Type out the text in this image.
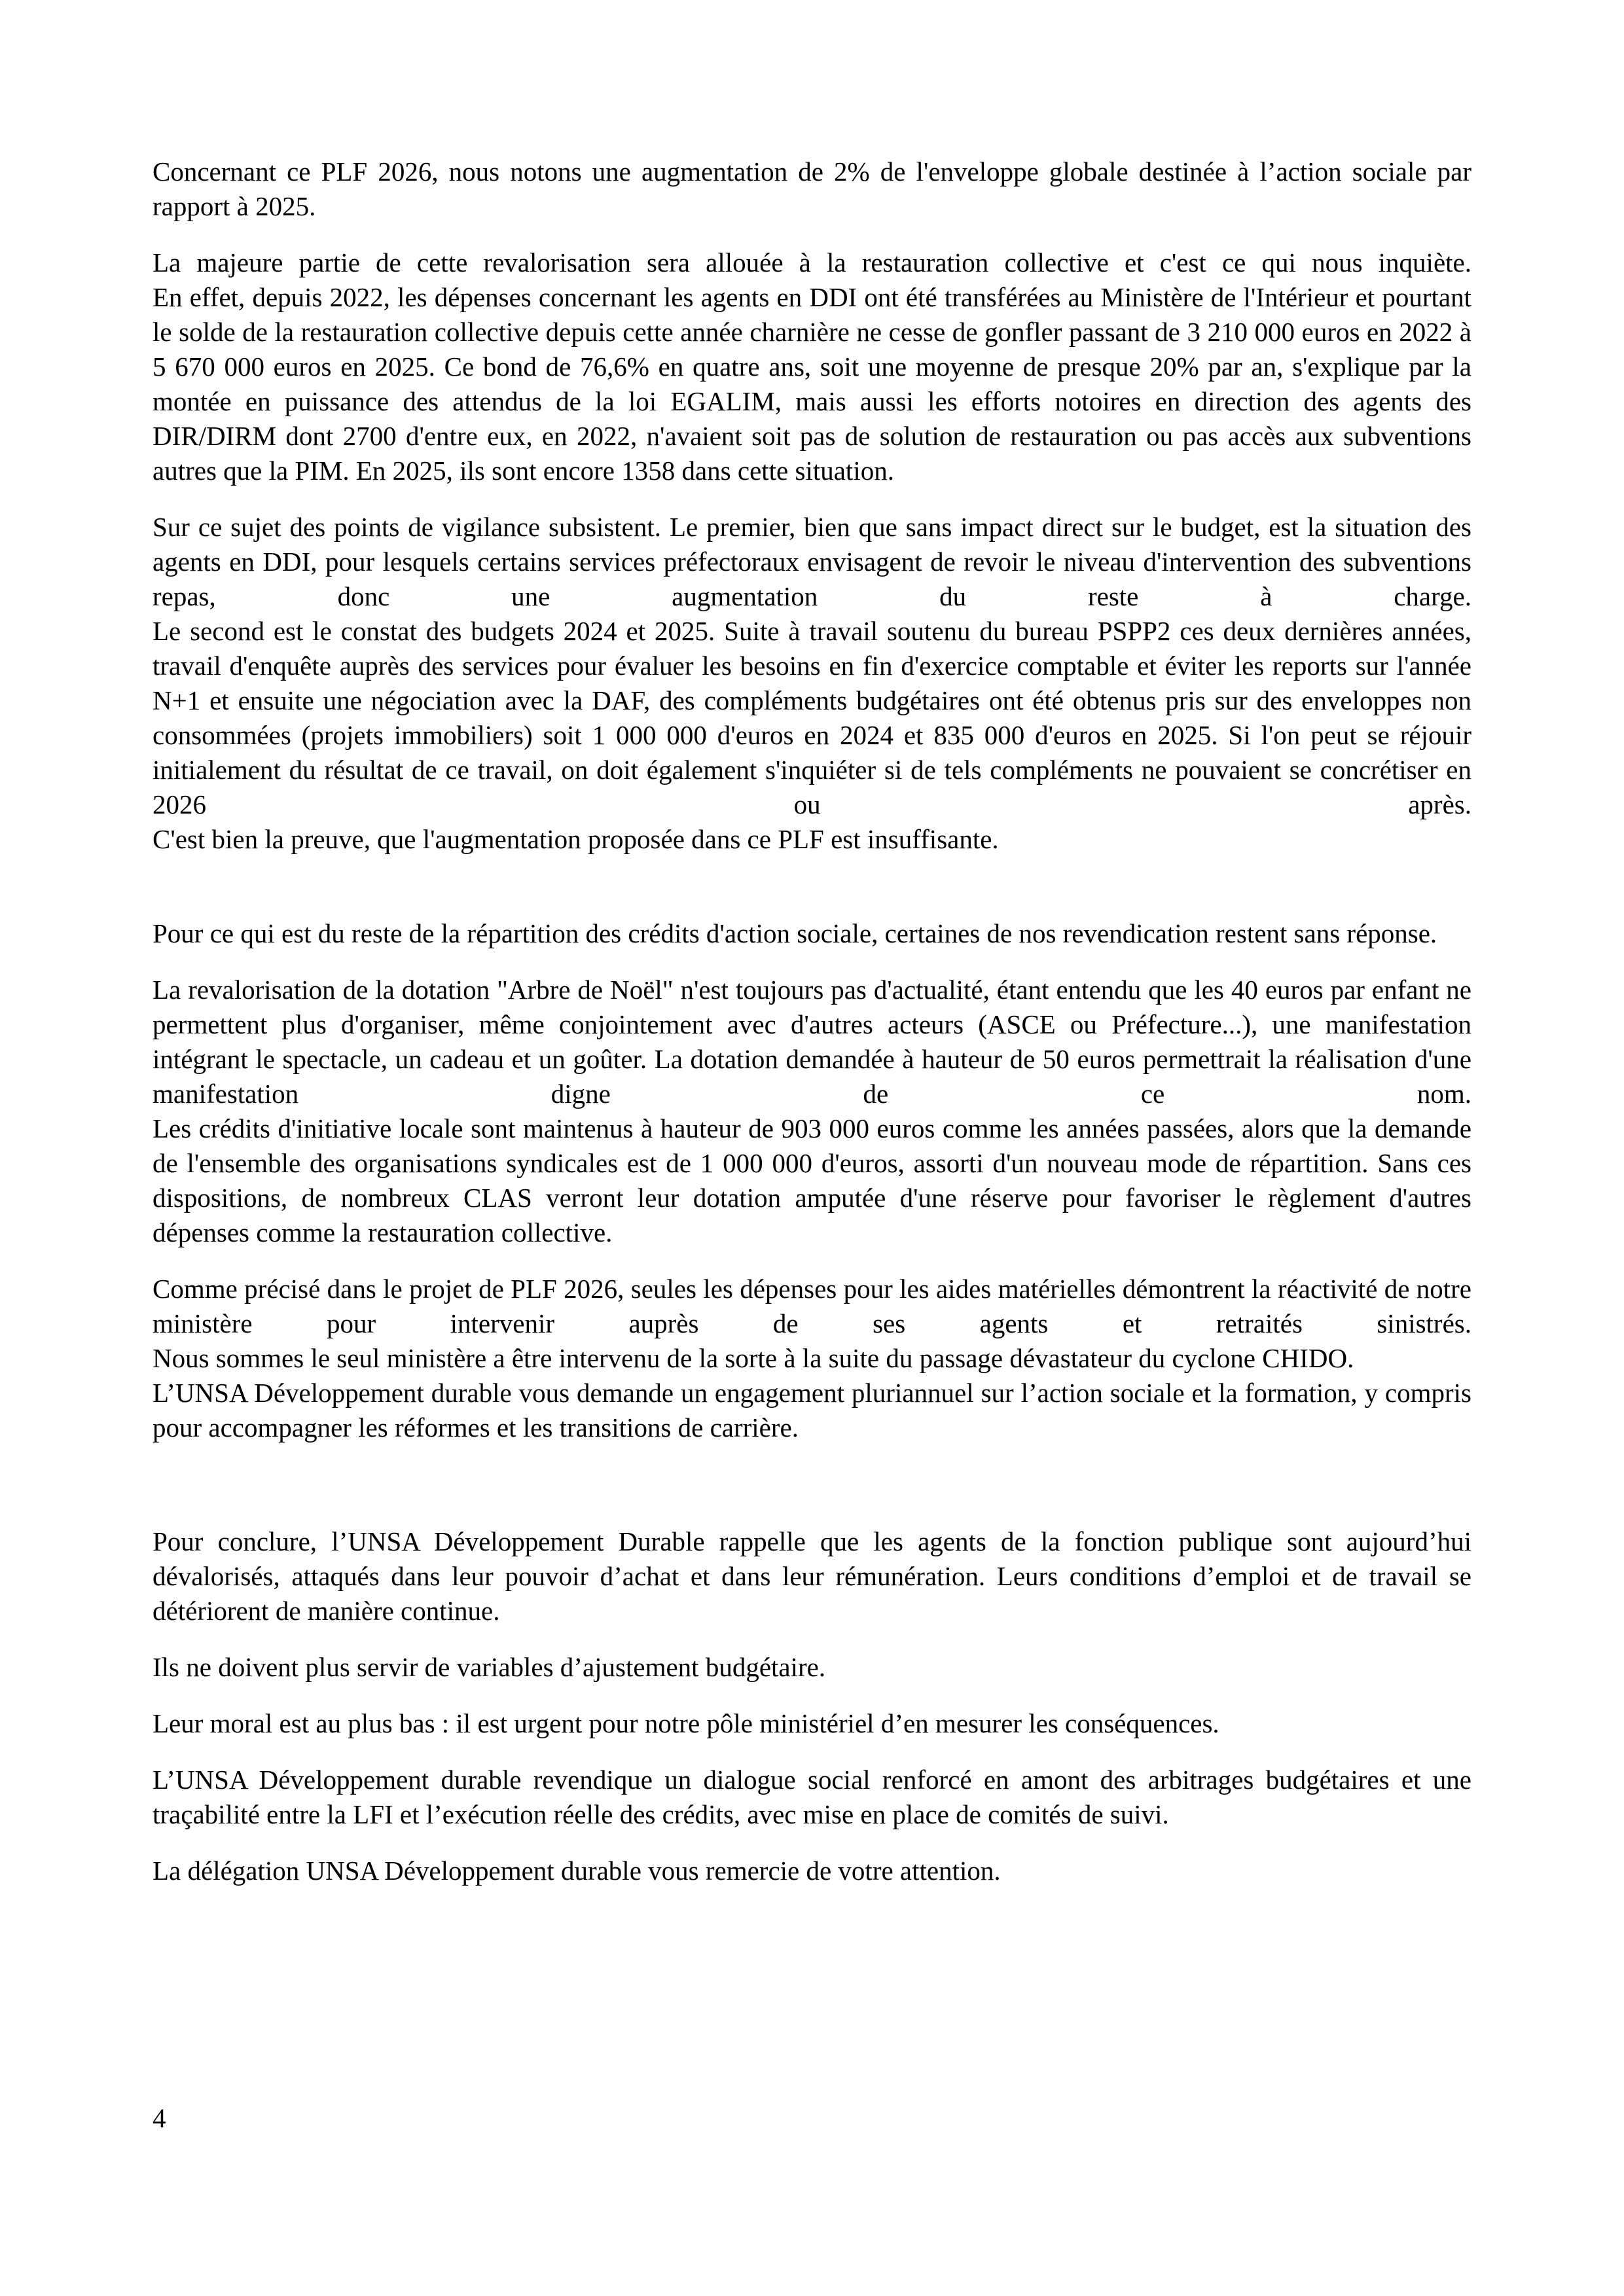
Concernant ce PLF 2026, nous notons une augmentation de 2% de l'enveloppe globale destinée à l’action sociale par rapport à 2025.

La majeure partie de cette revalorisation sera allouée à la restauration collective et c'est ce qui nous inquiète.
En effet, depuis 2022, les dépenses concernant les agents en DDI ont été transférées au Ministère de l'Intérieur et pourtant le solde de la restauration collective depuis cette année charnière ne cesse de gonfler passant de 3 210 000 euros en 2022 à 5 670 000 euros en 2025. Ce bond de 76,6% en quatre ans, soit une moyenne de presque 20% par an, s'explique par la montée en puissance des attendus de la loi EGALIM, mais aussi les efforts notoires en direction des agents des DIR/DIRM dont 2700 d'entre eux, en 2022, n'avaient soit pas de solution de restauration ou pas accès aux subventions autres que la PIM. En 2025, ils sont encore 1358 dans cette situation.

Sur ce sujet des points de vigilance subsistent. Le premier, bien que sans impact direct sur le budget, est la situation des agents en DDI, pour lesquels certains services préfectoraux envisagent de revoir le niveau d'intervention des subventions repas, donc une augmentation du reste à charge.
Le second est le constat des budgets 2024 et 2025. Suite à travail soutenu du bureau PSPP2 ces deux dernières années, travail d'enquête auprès des services pour évaluer les besoins en fin d'exercice comptable et éviter les reports sur l'année N+1 et ensuite une négociation avec la DAF, des compléments budgétaires ont été obtenus pris sur des enveloppes non consommées (projets immobiliers) soit 1 000 000 d'euros en 2024 et 835 000 d'euros en 2025. Si l'on peut se réjouir initialement du résultat de ce travail, on doit également s'inquiéter si de tels compléments ne pouvaient se concrétiser en 2026 ou après.
C'est bien la preuve, que l'augmentation proposée dans ce PLF est insuffisante.

Pour ce qui est du reste de la répartition des crédits d'action sociale, certaines de nos revendication restent sans réponse.

La revalorisation de la dotation "Arbre de Noël" n'est toujours pas d'actualité, étant entendu que les 40 euros par enfant ne permettent plus d'organiser, même conjointement avec d'autres acteurs (ASCE ou Préfecture...), une manifestation intégrant le spectacle, un cadeau et un goûter. La dotation demandée à hauteur de 50 euros permettrait la réalisation d'une manifestation digne de ce nom.
Les crédits d'initiative locale sont maintenus à hauteur de 903 000 euros comme les années passées, alors que la demande de l'ensemble des organisations syndicales est de 1 000 000 d'euros, assorti d'un nouveau mode de répartition. Sans ces dispositions, de nombreux CLAS verront leur dotation amputée d'une réserve pour favoriser le règlement d'autres dépenses comme la restauration collective.

Comme précisé dans le projet de PLF 2026, seules les dépenses pour les aides matérielles démontrent la réactivité de notre ministère pour intervenir auprès de ses agents et retraités sinistrés.
Nous sommes le seul ministère a être intervenu de la sorte à la suite du passage dévastateur du cyclone CHIDO.
L’UNSA Développement durable vous demande un engagement pluriannuel sur l’action sociale et la formation, y compris pour accompagner les réformes et les transitions de carrière.

Pour conclure, l’UNSA Développement Durable rappelle que les agents de la fonction publique sont aujourd’hui dévalorisés, attaqués dans leur pouvoir d’achat et dans leur rémunération. Leurs conditions d’emploi et de travail se détériorent de manière continue.

Ils ne doivent plus servir de variables d’ajustement budgétaire.

Leur moral est au plus bas : il est urgent pour notre pôle ministériel d’en mesurer les conséquences.

L’UNSA Développement durable revendique un dialogue social renforcé en amont des arbitrages budgétaires et une traçabilité entre la LFI et l’exécution réelle des crédits, avec mise en place de comités de suivi.

La délégation UNSA Développement durable vous remercie de votre attention.

4
